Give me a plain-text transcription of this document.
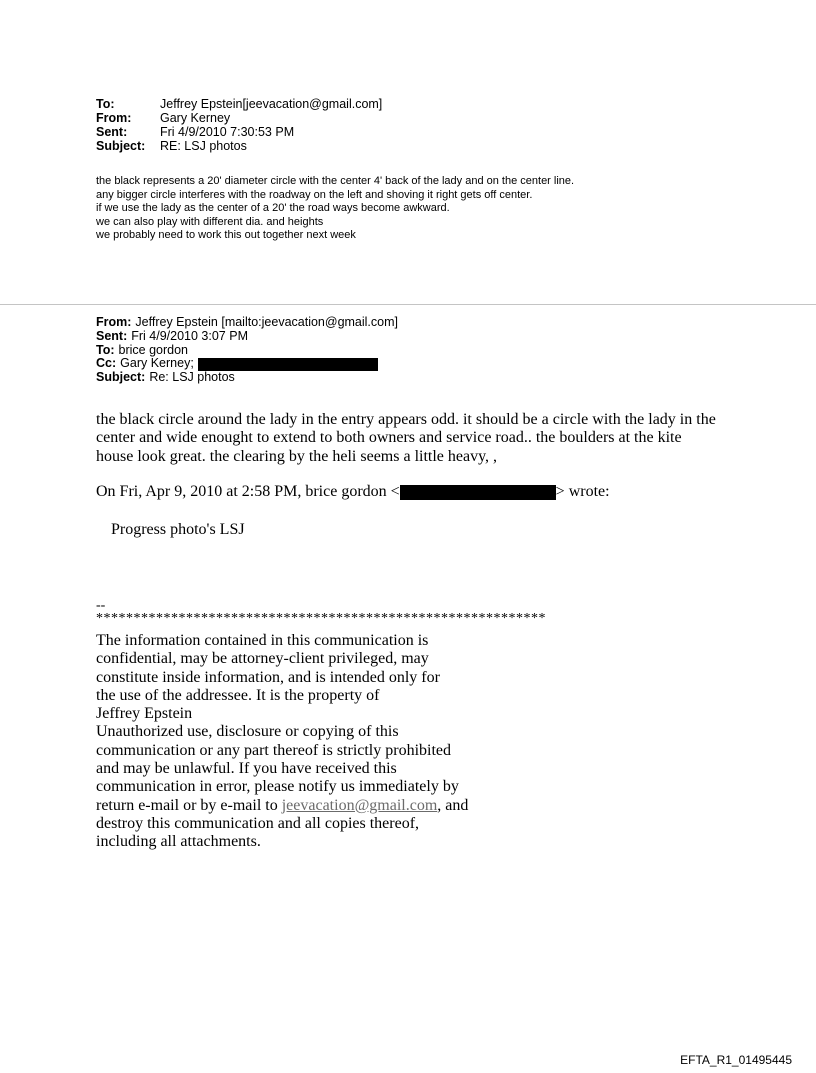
To:	Jeffrey Epstein[jeevacation@gmail.com]
From:	Gary Kerney
Sent:	Fri 4/9/2010 7:30:53 PM
Subject:	RE: LSJ photos
the black represents a 20' diameter circle with the center 4' back of the lady and on the center line.
any bigger circle interferes with the roadway on the left and shoving it right gets off center.
if we use the lady as the center of a 20' the road ways become awkward.
we can also play with different dia. and heights
we probably need to work this out together next week
From: Jeffrey Epstein [mailto:jeevacation@gmail.com]
Sent: Fri 4/9/2010 3:07 PM
To: brice gordon
Cc: Gary Kerney;
Subject: Re: LSJ photos
the black circle around the lady in the entry appears odd. it should be a circle with the lady in the
center and wide enought to extend to both owners and service road.. the boulders at the kite
house look great. the clearing by the heli seems a little heavy, ,
On Fri, Apr 9, 2010 at 2:58 PM, brice gordon <	> wrote:
Progress photo's LSJ
--
************************************************************
The information contained in this communication is
confidential, may be attorney-client privileged, may
constitute inside information, and is intended only for
the use of the addressee. It is the property of
Jeffrey Epstein
Unauthorized use, disclosure or copying of this
communication or any part thereof is strictly prohibited
and may be unlawful. If you have received this
communication in error, please notify us immediately by
return e-mail or by e-mail to jeevacation@gmail.com, and
destroy this communication and all copies thereof,
including all attachments.
EFTA_R1_01495445
